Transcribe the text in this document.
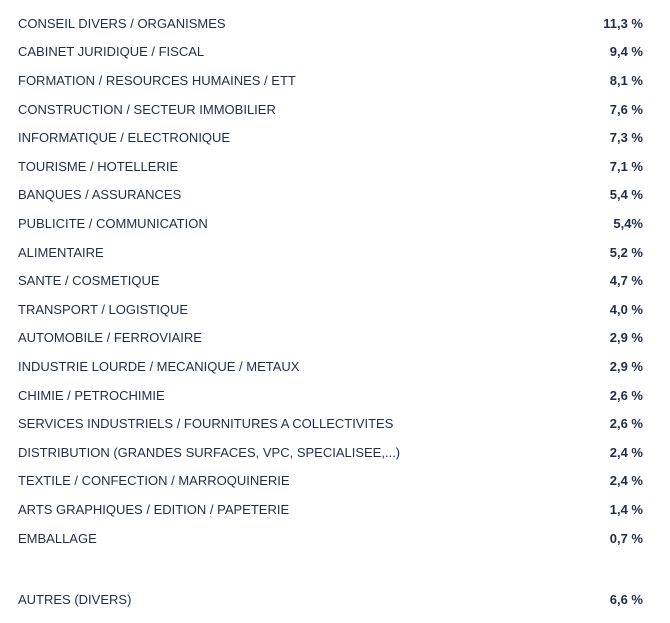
CONSEIL DIVERS / ORGANISMES	11,3 %
CABINET JURIDIQUE / FISCAL	9,4 %
FORMATION / RESOURCES HUMAINES / ETT	8,1 %
CONSTRUCTION / SECTEUR IMMOBILIER	7,6 %
INFORMATIQUE / ELECTRONIQUE	7,3 %
TOURISME / HOTELLERIE	7,1 %
BANQUES / ASSURANCES	5,4 %
PUBLICITE / COMMUNICATION	5,4%
ALIMENTAIRE	5,2 %
SANTE / COSMETIQUE	4,7 %
TRANSPORT / LOGISTIQUE	4,0 %
AUTOMOBILE / FERROVIAIRE	2,9 %
INDUSTRIE LOURDE / MECANIQUE / METAUX	2,9 %
CHIMIE / PETROCHIMIE	2,6 %
SERVICES INDUSTRIELS / FOURNITURES A COLLECTIVITES	2,6 %
DISTRIBUTION (GRANDES SURFACES, VPC, SPECIALISEE,...)	2,4 %
TEXTILE / CONFECTION / MARROQUINERIE	2,4 %
ARTS GRAPHIQUES / EDITION / PAPETERIE	1,4 %
EMBALLAGE	0,7 %
AUTRES (DIVERS)	6,6 %
